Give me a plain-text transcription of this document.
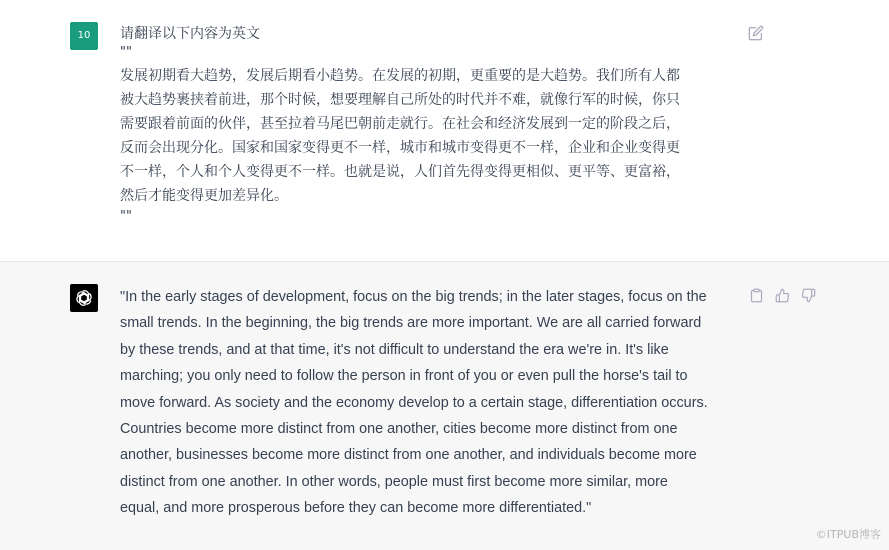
10	请翻译以下内容为英文
""
发展初期看大趋势，发展后期看小趋势。在发展的初期，更重要的是大趋势。我们所有人都
被大趋势裹挟着前进，那个时候，想要理解自己所处的时代并不难，就像行军的时候，你只
需要跟着前面的伙伴，甚至拉着马尾巴朝前走就行。在社会和经济发展到一定的阶段之后，
反而会出现分化。国家和国家变得更不一样，城市和城市变得更不一样，企业和企业变得更
不一样，个人和个人变得更不一样。也就是说，人们首先得变得更相似、更平等、更富裕，
然后才能变得更加差异化。
""
"In the early stages of development, focus on the big trends; in the later stages, focus on the
small trends. In the beginning, the big trends are more important. We are all carried forward
by these trends, and at that time, it's not difficult to understand the era we're in. It's like
marching; you only need to follow the person in front of you or even pull the horse's tail to
move forward. As society and the economy develop to a certain stage, differentiation occurs.
Countries become more distinct from one another, cities become more distinct from one
another, businesses become more distinct from one another, and individuals become more
distinct from one another. In other words, people must first become more similar, more
equal, and more prosperous before they can become more differentiated."
©ITPUB博客
